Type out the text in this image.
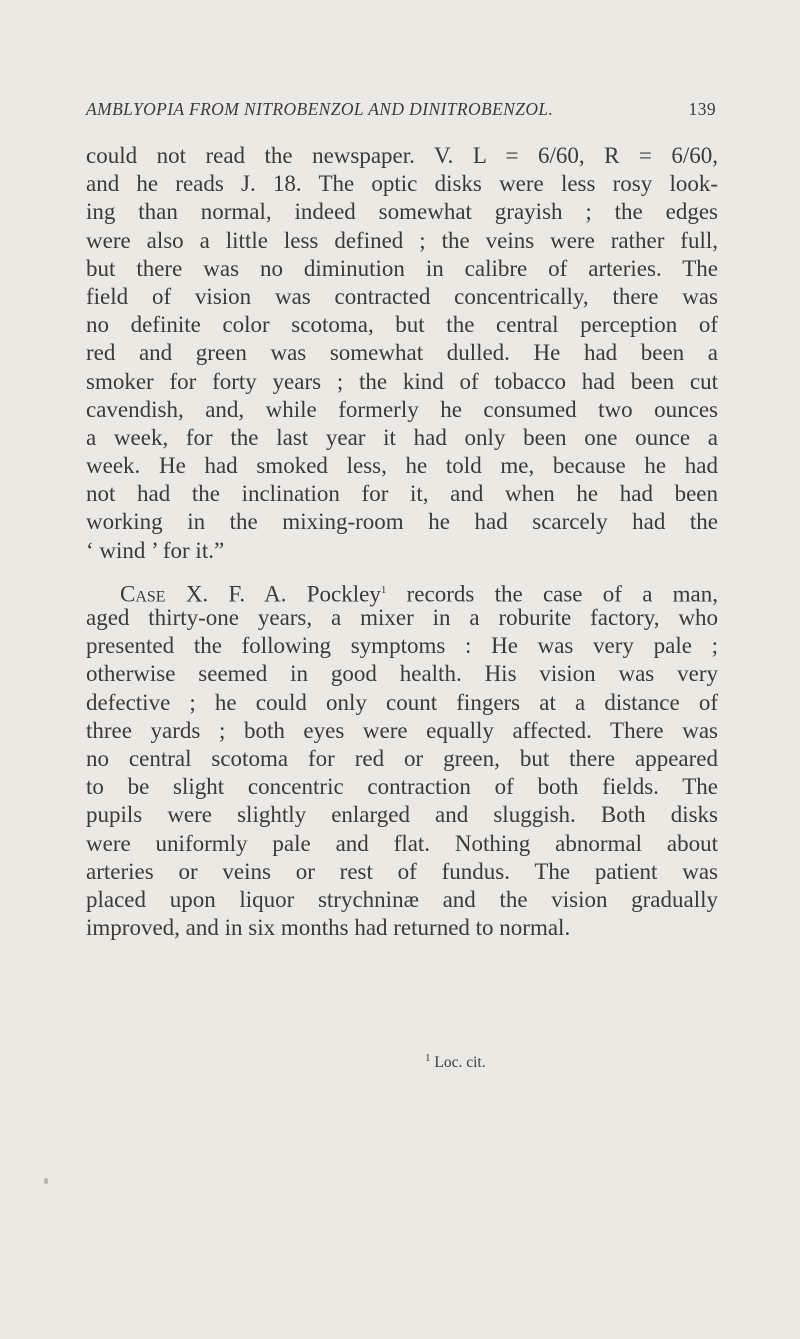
AMBLYOPIA FROM NITROBENZOL AND DINITROBENZOL.	139
could not read the newspaper. V. L = 6/60, R = 6/60,
and he reads J. 18. The optic disks were less rosy look-
ing than normal, indeed somewhat grayish ; the edges
were also a little less defined ; the veins were rather full,
but there was no diminution in calibre of arteries. The
field of vision was contracted concentrically, there was
no definite color scotoma, but the central perception of
red and green was somewhat dulled. He had been a
smoker for forty years ; the kind of tobacco had been cut
cavendish, and, while formerly he consumed two ounces
a week, for the last year it had only been one ounce a
week. He had smoked less, he told me, because he had
not had the inclination for it, and when he had been
working in the mixing-room he had scarcely had the
‘ wind ’ for it.”
Case X. F. A. Pockley$^1$ records the case of a man,
aged thirty-one years, a mixer in a roburite factory, who
presented the following symptoms : He was very pale ;
otherwise seemed in good health. His vision was very
defective ; he could only count fingers at a distance of
three yards ; both eyes were equally affected. There was
no central scotoma for red or green, but there appeared
to be slight concentric contraction of both fields. The
pupils were slightly enlarged and sluggish. Both disks
were uniformly pale and flat. Nothing abnormal about
arteries or veins or rest of fundus. The patient was
placed upon liquor strychninæ and the vision gradually
improved, and in six months had returned to normal.
$^1$ Loc. cit.
